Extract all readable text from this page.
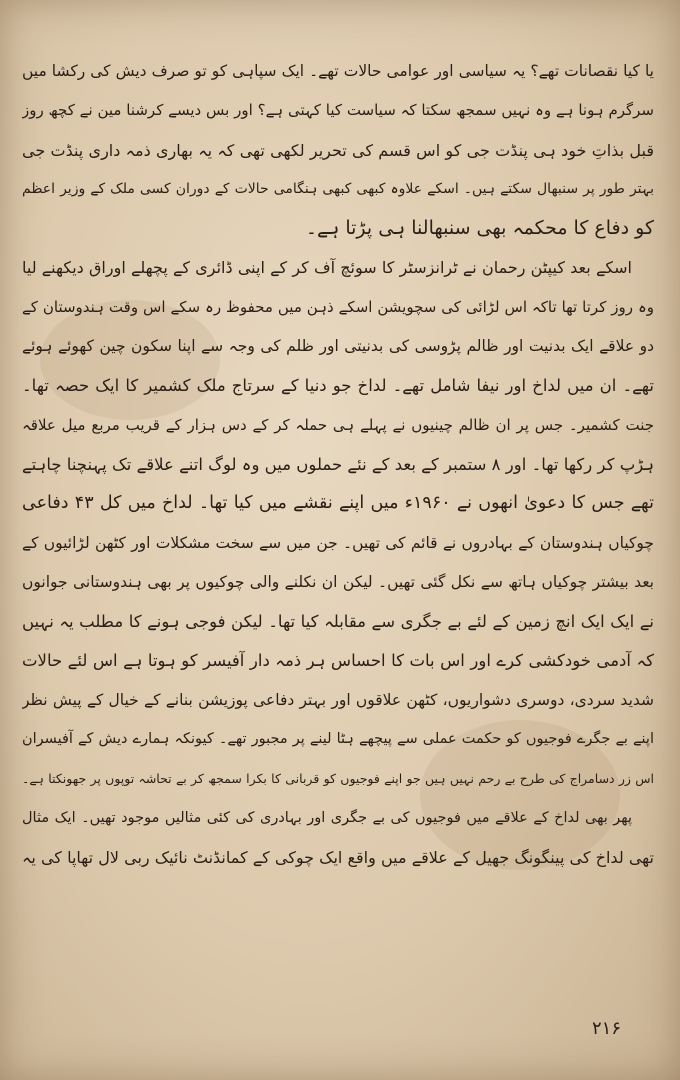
یا کیا نقصانات تھے؟ یہ سیاسی اور عوامی حالات تھے۔ ایک سپاہی کو تو صرف دیش کی رکشا میں
سرگرم ہونا ہے وہ نہیں سمجھ سکتا کہ سیاست کیا کہتی ہے؟ اور بس دیسے کرشنا مین نے کچھ روز
قبل بذاتِ خود ہی پنڈت جی کو اس قسم کی تحریر لکھی تھی کہ یہ بھاری ذمہ داری پنڈت جی
بہتر طور پر سنبھال سکتے ہیں۔ اسکے علاوہ کبھی کبھی ہنگامی حالات کے دوران کسی ملک کے وزیر اعظم
کو دفاع کا محکمہ بھی سنبھالنا ہی پڑتا ہے۔
اسکے بعد کیپٹن رحمان نے ٹرانزسٹر کا سوئچ آف کر کے اپنی ڈائری کے پچھلے اوراق دیکھنے لیا
وہ روز کرتا تھا تاکہ اس لڑائی کی سچویشن اسکے ذہن میں محفوظ رہ سکے اس وقت ہندوستان کے
دو علاقے ایک بدنیت اور ظالم پڑوسی کی بدنیتی اور ظلم کی وجہ سے اپنا سکون چین کھوئے ہوئے
تھے۔ ان میں لداخ اور نیفا شامل تھے۔ لداخ جو دنیا کے سرتاج ملک کشمیر کا ایک حصہ تھا۔
جنت کشمیر۔ جس پر ان ظالم چینیوں نے پہلے ہی حملہ کر کے دس ہزار کے قریب مربع میل علاقہ
ہڑپ کر رکھا تھا۔ اور ۸ ستمبر کے بعد کے نئے حملوں میں وہ لوگ اتنے علاقے تک پہنچنا چاہتے
تھے جس کا دعویٰ انھوں نے ۱۹۶۰ء میں اپنے نقشے میں کیا تھا۔ لداخ میں کل ۴۳ دفاعی
چوکیاں ہندوستان کے بہادروں نے قائم کی تھیں۔ جن میں سے سخت مشکلات اور کٹھن لڑائیوں کے
بعد بیشتر چوکیاں ہاتھ سے نکل گئی تھیں۔ لیکن ان نکلنے والی چوکیوں پر بھی ہندوستانی جوانوں
نے ایک ایک انچ زمین کے لئے بے جگری سے مقابلہ کیا تھا۔ لیکن فوجی ہونے کا مطلب یہ نہیں
کہ آدمی خودکشی کرے اور اس بات کا احساس ہر ذمہ دار آفیسر کو ہوتا ہے اس لئے حالات
شدید سردی، دوسری دشواریوں، کٹھن علاقوں اور بہتر دفاعی پوزیشن بنانے کے خیال کے پیش نظر
اپنے بے جگرے فوجیوں کو حکمت عملی سے پیچھے ہٹا لینے پر مجبور تھے۔ کیونکہ ہمارے دیش کے آفیسران
اس زر دسامراج کی طرح بے رحم نہیں ہیں جو اپنے فوجیوں کو قربانی کا بکرا سمجھ کر بے تحاشہ توپوں پر جھونکتا ہے۔
پھر بھی لداخ کے علاقے میں فوجیوں کی بے جگری اور بہادری کی کئی مثالیں موجود تھیں۔ ایک مثال
تھی لداخ کی پینگونگ جھیل کے علاقے میں واقع ایک چوکی کے کمانڈنٹ نائیک ربی لال تھاپا کی یہ
۲۱۶
